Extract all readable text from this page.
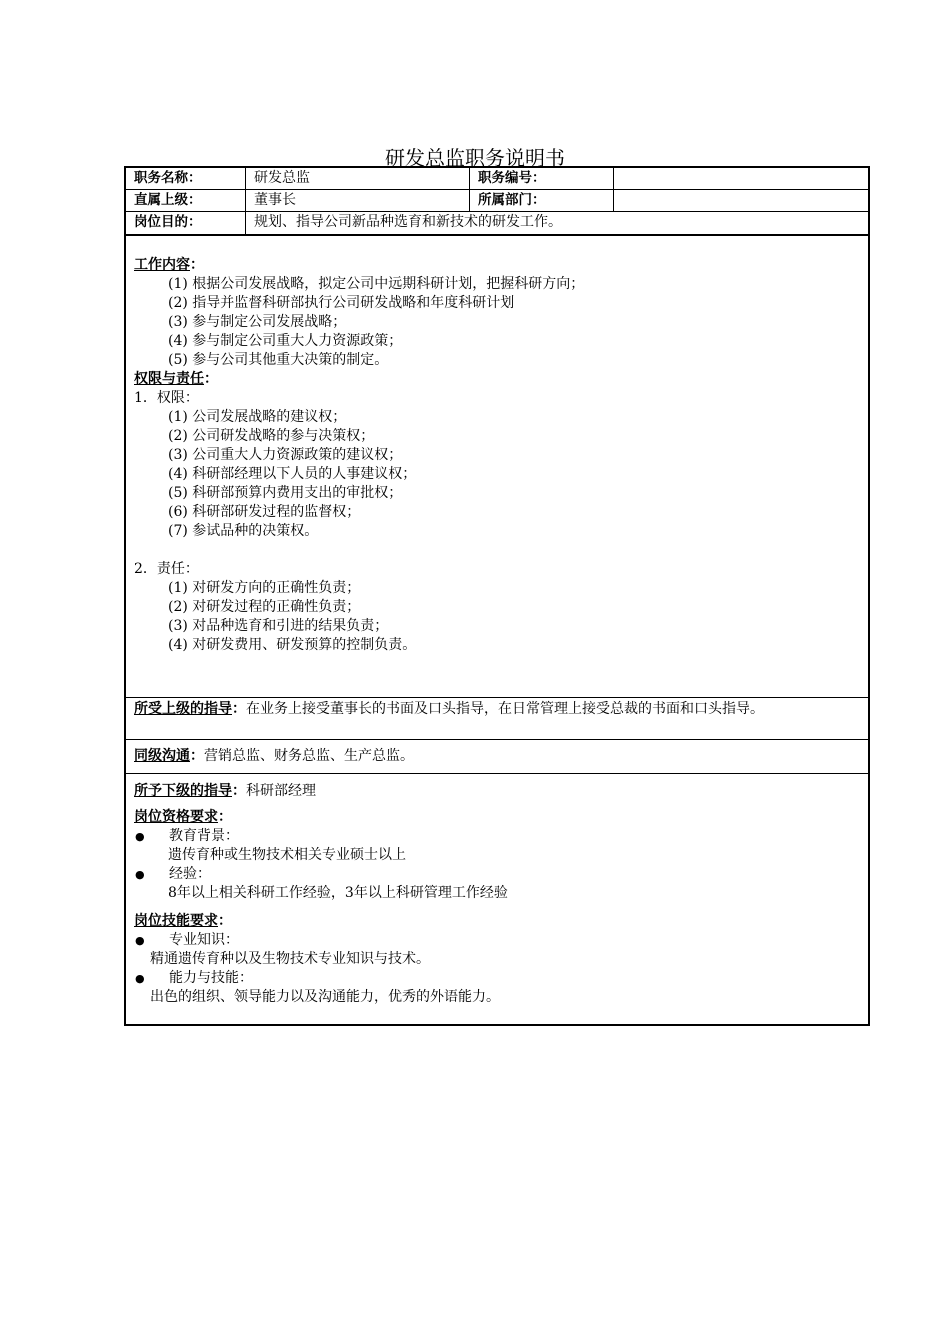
研发总监职务说明书
职务名称：	研发总监	职务编号：
直属上级：	董事长	所属部门：
岗位目的：	规划、指导公司新品种选育和新技术的研发工作。
工作内容：
(1) 根据公司发展战略，拟定公司中远期科研计划，把握科研方向；
(2) 指导并监督科研部执行公司研发战略和年度科研计划
(3) 参与制定公司发展战略；
(4) 参与制定公司重大人力资源政策；
(5) 参与公司其他重大决策的制定。
权限与责任：
1．权限：
(1) 公司发展战略的建议权；
(2) 公司研发战略的参与决策权；
(3) 公司重大人力资源政策的建议权；
(4) 科研部经理以下人员的人事建议权；
(5) 科研部预算内费用支出的审批权；
(6) 科研部研发过程的监督权；
(7) 参试品种的决策权。
2．责任：
(1) 对研发方向的正确性负责；
(2) 对研发过程的正确性负责；
(3) 对品种选育和引进的结果负责；
(4) 对研发费用、研发预算的控制负责。
所受上级的指导：在业务上接受董事长的书面及口头指导，在日常管理上接受总裁的书面和口头指导。
同级沟通：营销总监、财务总监、生产总监。
所予下级的指导：科研部经理
岗位资格要求：
●	教育背景：
遗传育种或生物技术相关专业硕士以上
●	经验：
8年以上相关科研工作经验，3年以上科研管理工作经验
岗位技能要求：
●	专业知识：
精通遗传育种以及生物技术专业知识与技术。
●	能力与技能：
出色的组织、领导能力以及沟通能力，优秀的外语能力。
